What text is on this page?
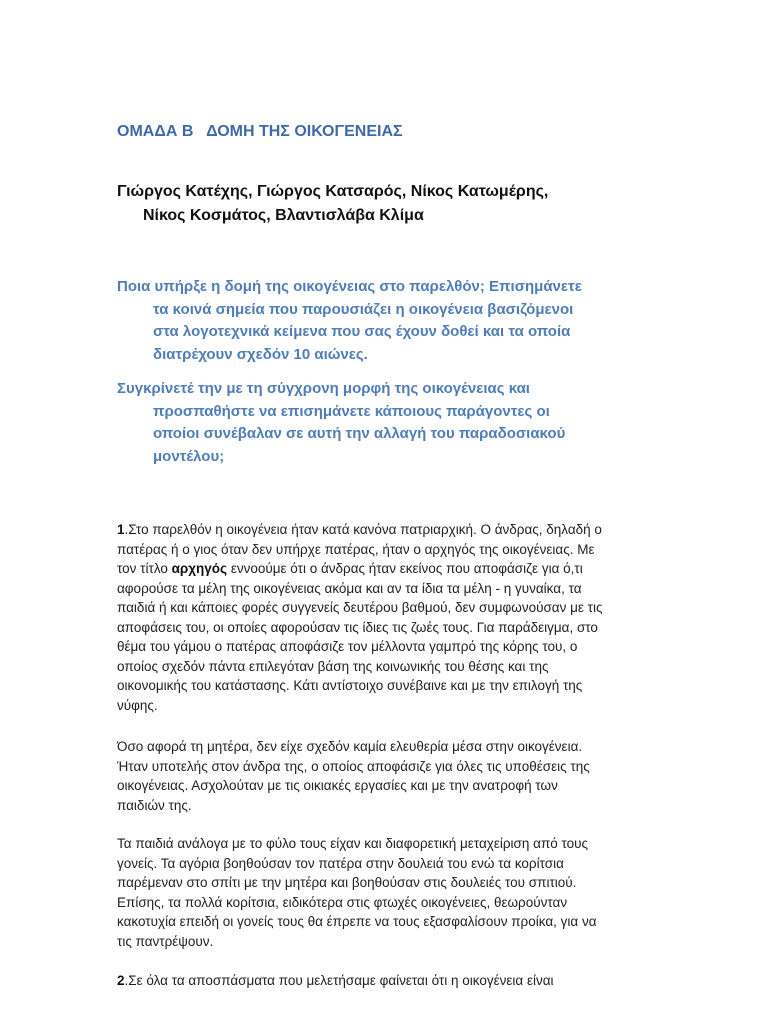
ΟΜΑΔΑ Β   ΔΟΜΗ ΤΗΣ ΟΙΚΟΓΕΝΕΙΑΣ
Γιώργος Κατέχης, Γιώργος Κατσαρός, Νίκος Κατωμέρης,
Νίκος Κοσμάτος, Βλαντισλάβα Κλίμα
Ποια υπήρξε η δομή της οικογένειας στο παρελθόν; Επισημάνετε
τα κοινά σημεία που παρουσιάζει η οικογένεια βασιζόμενοι
στα λογοτεχνικά κείμενα που σας έχουν δοθεί και τα οποία
διατρέχουν σχεδόν 10 αιώνες.
Συγκρίνετέ την με τη σύγχρονη μορφή της οικογένειας και
προσπαθήστε να επισημάνετε κάποιους παράγοντες οι
οποίοι συνέβαλαν σε αυτή την αλλαγή του παραδοσιακού
μοντέλου;
1.Στο παρελθόν η οικογένεια ήταν κατά κανόνα πατριαρχική. Ο άνδρας, δηλαδή ο
πατέρας ή ο γιος όταν δεν υπήρχε πατέρας, ήταν ο αρχηγός της οικογένειας. Με
τον τίτλο αρχηγός εννοούμε ότι ο άνδρας ήταν εκείνος που αποφάσιζε για ό,τι
αφορούσε τα μέλη της οικογένειας ακόμα και αν τα ίδια τα μέλη - η γυναίκα, τα
παιδιά ή και κάποιες φορές συγγενείς δευτέρου βαθμού, δεν συμφωνούσαν με τις
αποφάσεις του, οι οποίες αφορούσαν τις ίδιες τις ζωές τους. Για παράδειγμα, στο
θέμα του γάμου ο πατέρας αποφάσιζε τον μέλλοντα γαμπρό της κόρης του, ο
οποίος σχεδόν πάντα επιλεγόταν βάση της κοινωνικής του θέσης και της
οικονομικής του κατάστασης. Κάτι αντίστοιχο συνέβαινε και με την επιλογή της
νύφης.
Όσο αφορά τη μητέρα, δεν είχε σχεδόν καμία ελευθερία μέσα στην οικογένεια.
Ήταν υποτελής στον άνδρα της, ο οποίος αποφάσιζε για όλες τις υποθέσεις της
οικογένειας. Ασχολούταν με τις οικιακές εργασίες και με την ανατροφή των
παιδιών της.
Τα παιδιά ανάλογα με το φύλο τους είχαν και διαφορετική μεταχείριση από τους
γονείς. Τα αγόρια βοηθούσαν τον πατέρα στην δουλειά του ενώ τα κορίτσια
παρέμεναν στο σπίτι με την μητέρα και βοηθούσαν στις δουλειές του σπιτιού.
Επίσης, τα πολλά κορίτσια, ειδικότερα στις φτωχές οικογένειες, θεωρούνταν
κακοτυχία επειδή οι γονείς τους θα έπρεπε να τους εξασφαλίσουν προίκα, για να
τις παντρέψουν.
2.Σε όλα τα αποσπάσματα που μελετήσαμε φαίνεται ότι η οικογένεια είναι
